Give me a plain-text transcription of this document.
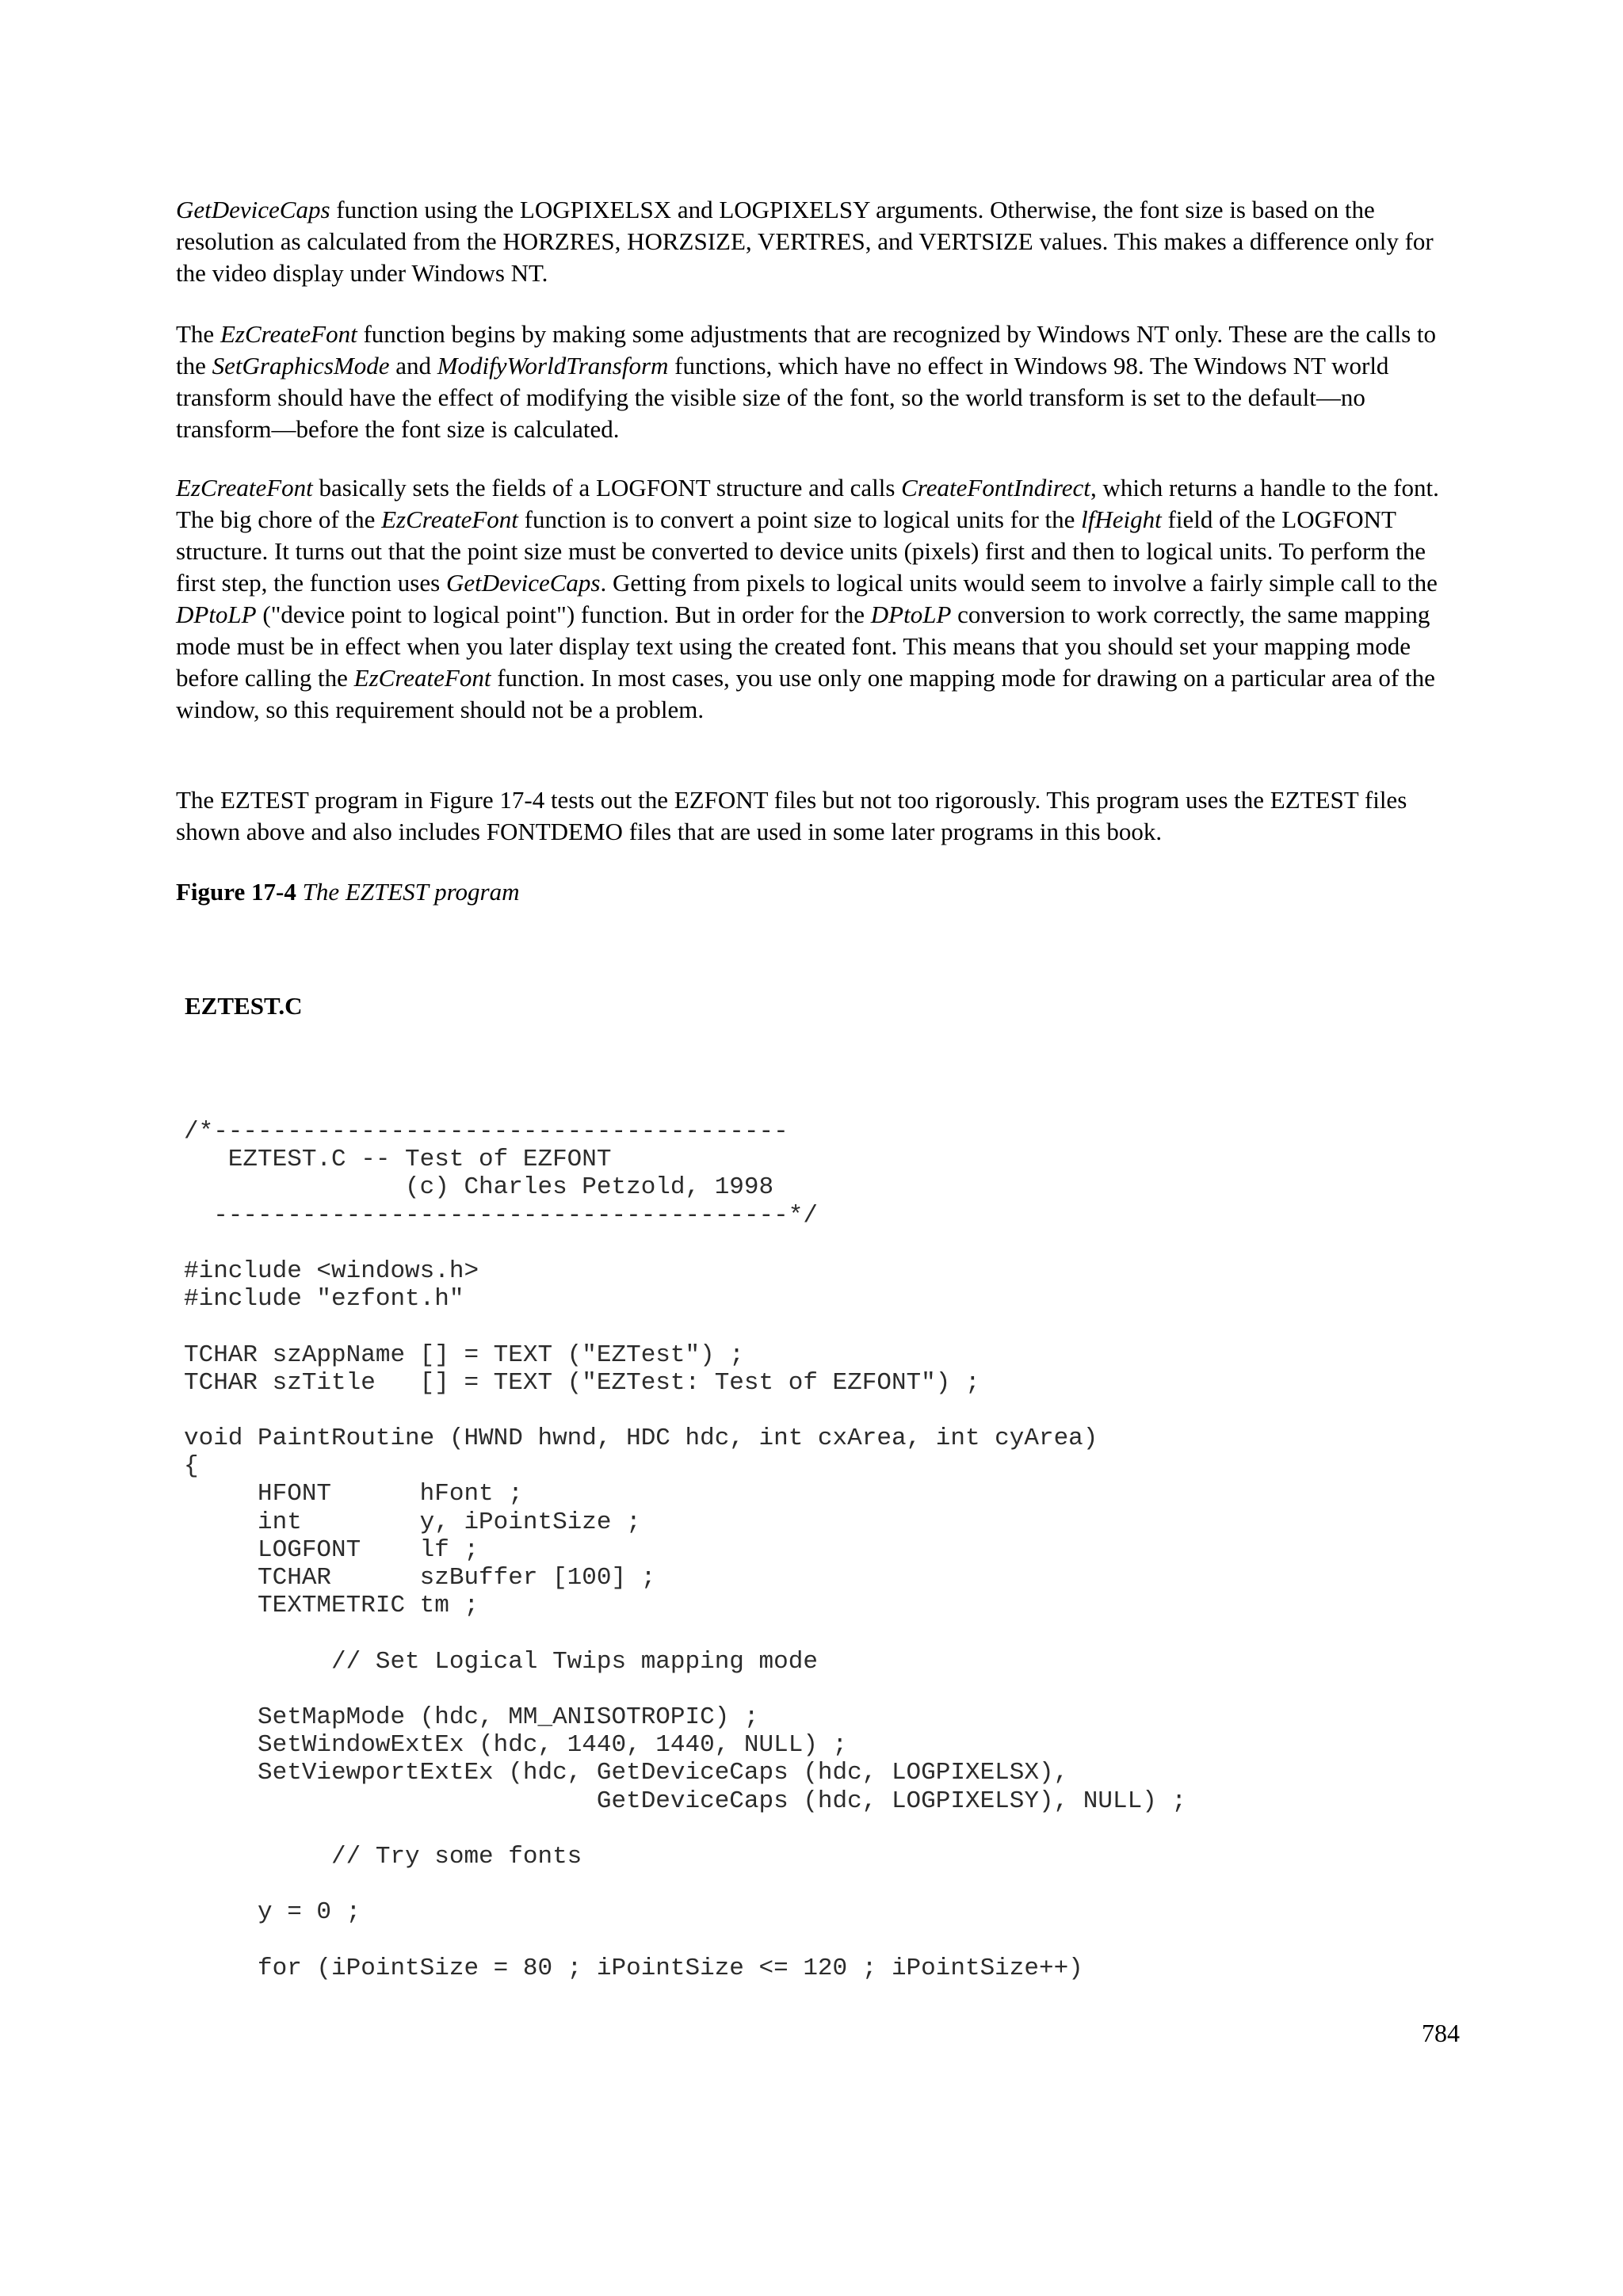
GetDeviceCaps function using the LOGPIXELSX and LOGPIXELSY arguments. Otherwise, the font size is based on the resolution as calculated from the HORZRES, HORZSIZE, VERTRES, and VERTSIZE values. This makes a difference only for the video display under Windows NT.

The EzCreateFont function begins by making some adjustments that are recognized by Windows NT only. These are the calls to the SetGraphicsMode and ModifyWorldTransform functions, which have no effect in Windows 98. The Windows NT world transform should have the effect of modifying the visible size of the font, so the world transform is set to the default—no transform—before the font size is calculated.

EzCreateFont basically sets the fields of a LOGFONT structure and calls CreateFontIndirect, which returns a handle to the font. The big chore of the EzCreateFont function is to convert a point size to logical units for the lfHeight field of the LOGFONT structure. It turns out that the point size must be converted to device units (pixels) first and then to logical units. To perform the first step, the function uses GetDeviceCaps. Getting from pixels to logical units would seem to involve a fairly simple call to the DPtoLP ("device point to logical point") function. But in order for the DPtoLP conversion to work correctly, the same mapping mode must be in effect when you later display text using the created font. This means that you should set your mapping mode before calling the EzCreateFont function. In most cases, you use only one mapping mode for drawing on a particular area of the window, so this requirement should not be a problem.

The EZTEST program in Figure 17-4 tests out the EZFONT files but not too rigorously. This program uses the EZTEST files shown above and also includes FONTDEMO files that are used in some later programs in this book.

Figure 17-4 The EZTEST program
EZTEST.C
/*---------------------------------------
EZTEST.C -- Test of EZFONT
(c) Charles Petzold, 1998
---------------------------------------*/
#include <windows.h>
#include "ezfont.h"
TCHAR szAppName [] = TEXT ("EZTest") ;
TCHAR szTitle   [] = TEXT ("EZTest: Test of EZFONT") ;
void PaintRoutine (HWND hwnd, HDC hdc, int cxArea, int cyArea)
{
HFONT      hFont ;
int        y, iPointSize ;
LOGFONT    lf ;
TCHAR      szBuffer [100] ;
TEXTMETRIC tm ;
// Set Logical Twips mapping mode
SetMapMode (hdc, MM_ANISOTROPIC) ;
SetWindowExtEx (hdc, 1440, 1440, NULL) ;
SetViewportExtEx (hdc, GetDeviceCaps (hdc, LOGPIXELSX),
GetDeviceCaps (hdc, LOGPIXELSY), NULL) ;
// Try some fonts
y = 0 ;
for (iPointSize = 80 ; iPointSize <= 120 ; iPointSize++)
784
